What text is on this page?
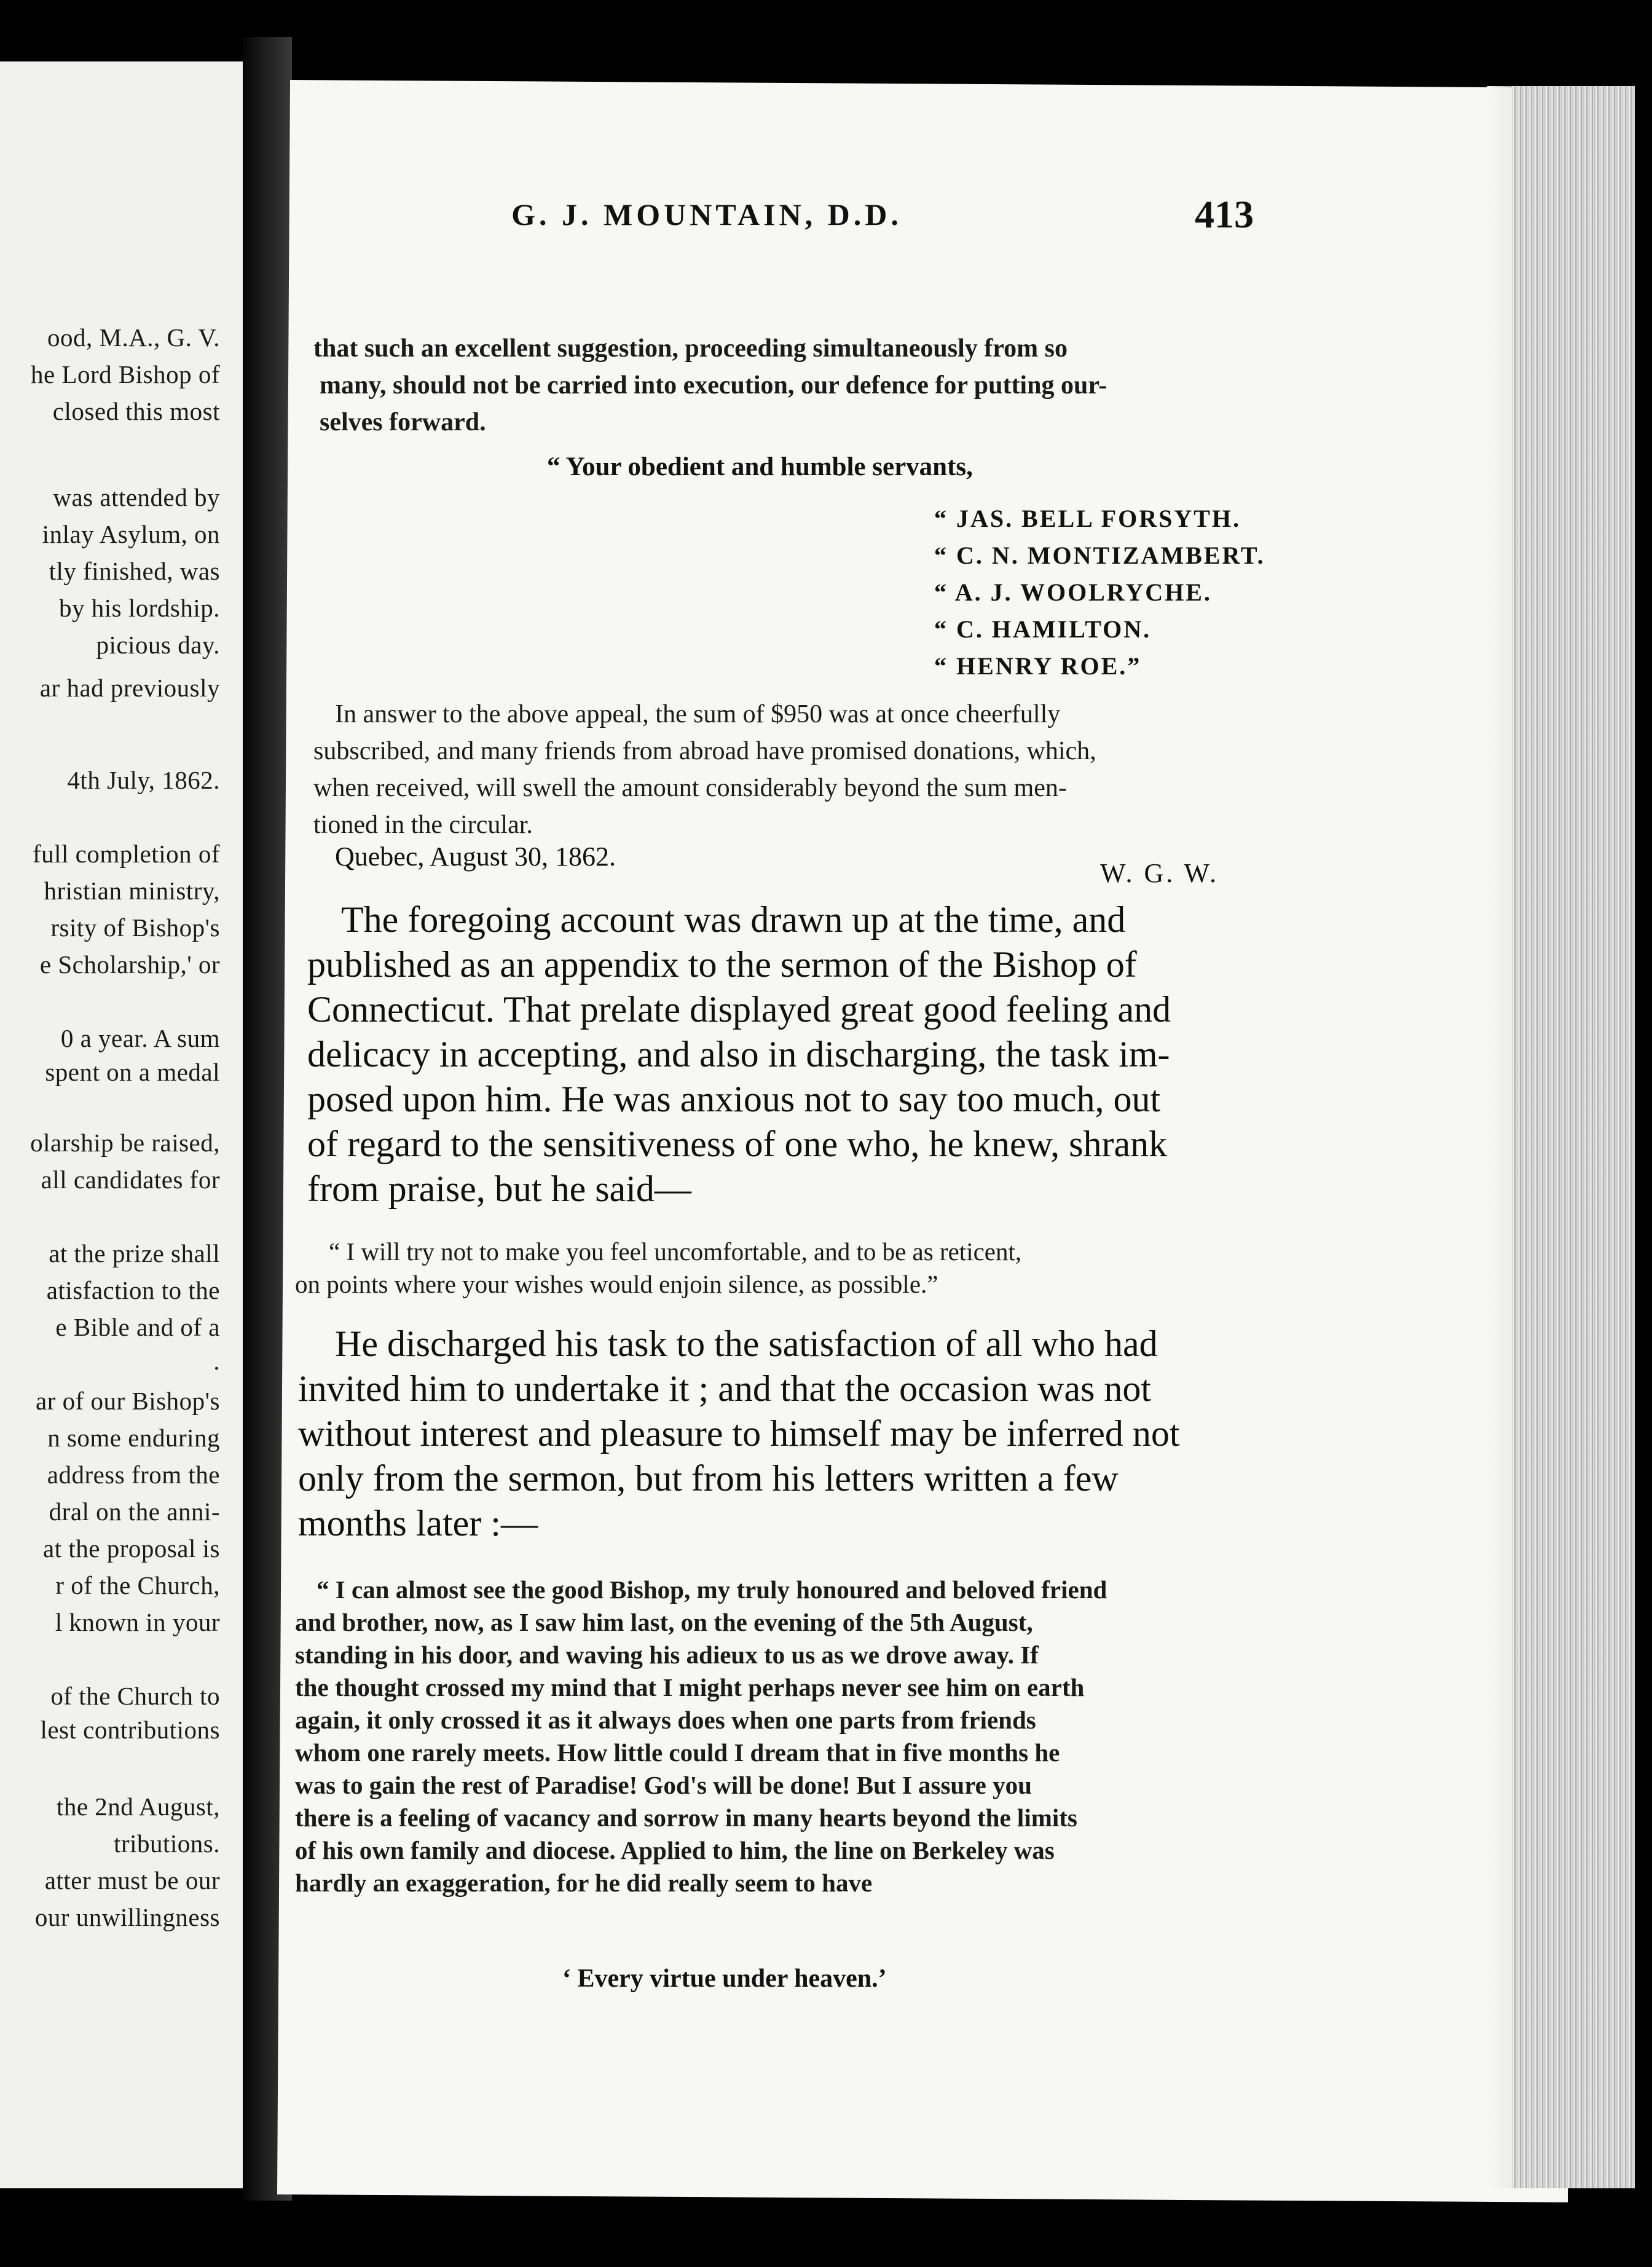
ood, M.A., G. V.
he Lord Bishop of
closed this most
was attended by
inlay Asylum, on
tly finished, was
by his lordship.
picious day.
ar had previously
4th July, 1862.
full completion of
hristian ministry,
rsity of Bishop's
e Scholarship,' or
0 a year. A sum
spent on a medal
olarship be raised,
all candidates for
at the prize shall
atisfaction to the
e Bible and of a
.
ar of our Bishop's
n some enduring
address from the
dral on the anni-
at the proposal is
r of the Church,
l known in your
of the Church to
lest contributions
the 2nd August,
tributions.
atter must be our
our unwillingness
G. J. MOUNTAIN, D.D.	413
that such an excellent suggestion, proceeding simultaneously from so
many, should not be carried into execution, our defence for putting our-
selves forward.
“ Your obedient and humble servants,
“ JAS. BELL FORSYTH.
“ C. N. MONTIZAMBERT.
“ A. J. WOOLRYCHE.
“ C. HAMILTON.
“ HENRY ROE.”
In answer to the above appeal, the sum of $950 was at once cheerfully
subscribed, and many friends from abroad have promised donations, which,
when received, will swell the amount considerably beyond the sum men-
tioned in the circular.
Quebec, August 30, 1862.
W. G. W.
The foregoing account was drawn up at the time, and
published as an appendix to the sermon of the Bishop of
Connecticut. That prelate displayed great good feeling and
delicacy in accepting, and also in discharging, the task im-
posed upon him. He was anxious not to say too much, out
of regard to the sensitiveness of one who, he knew, shrank
from praise, but he said—
“ I will try not to make you feel uncomfortable, and to be as reticent,
on points where your wishes would enjoin silence, as possible.”
He discharged his task to the satisfaction of all who had
invited him to undertake it ; and that the occasion was not
without interest and pleasure to himself may be inferred not
only from the sermon, but from his letters written a few
months later :—
“ I can almost see the good Bishop, my truly honoured and beloved friend
and brother, now, as I saw him last, on the evening of the 5th August,
standing in his door, and waving his adieux to us as we drove away. If
the thought crossed my mind that I might perhaps never see him on earth
again, it only crossed it as it always does when one parts from friends
whom one rarely meets. How little could I dream that in five months he
was to gain the rest of Paradise! God's will be done! But I assure you
there is a feeling of vacancy and sorrow in many hearts beyond the limits
of his own family and diocese. Applied to him, the line on Berkeley was
hardly an exaggeration, for he did really seem to have
‘ Every virtue under heaven.’
